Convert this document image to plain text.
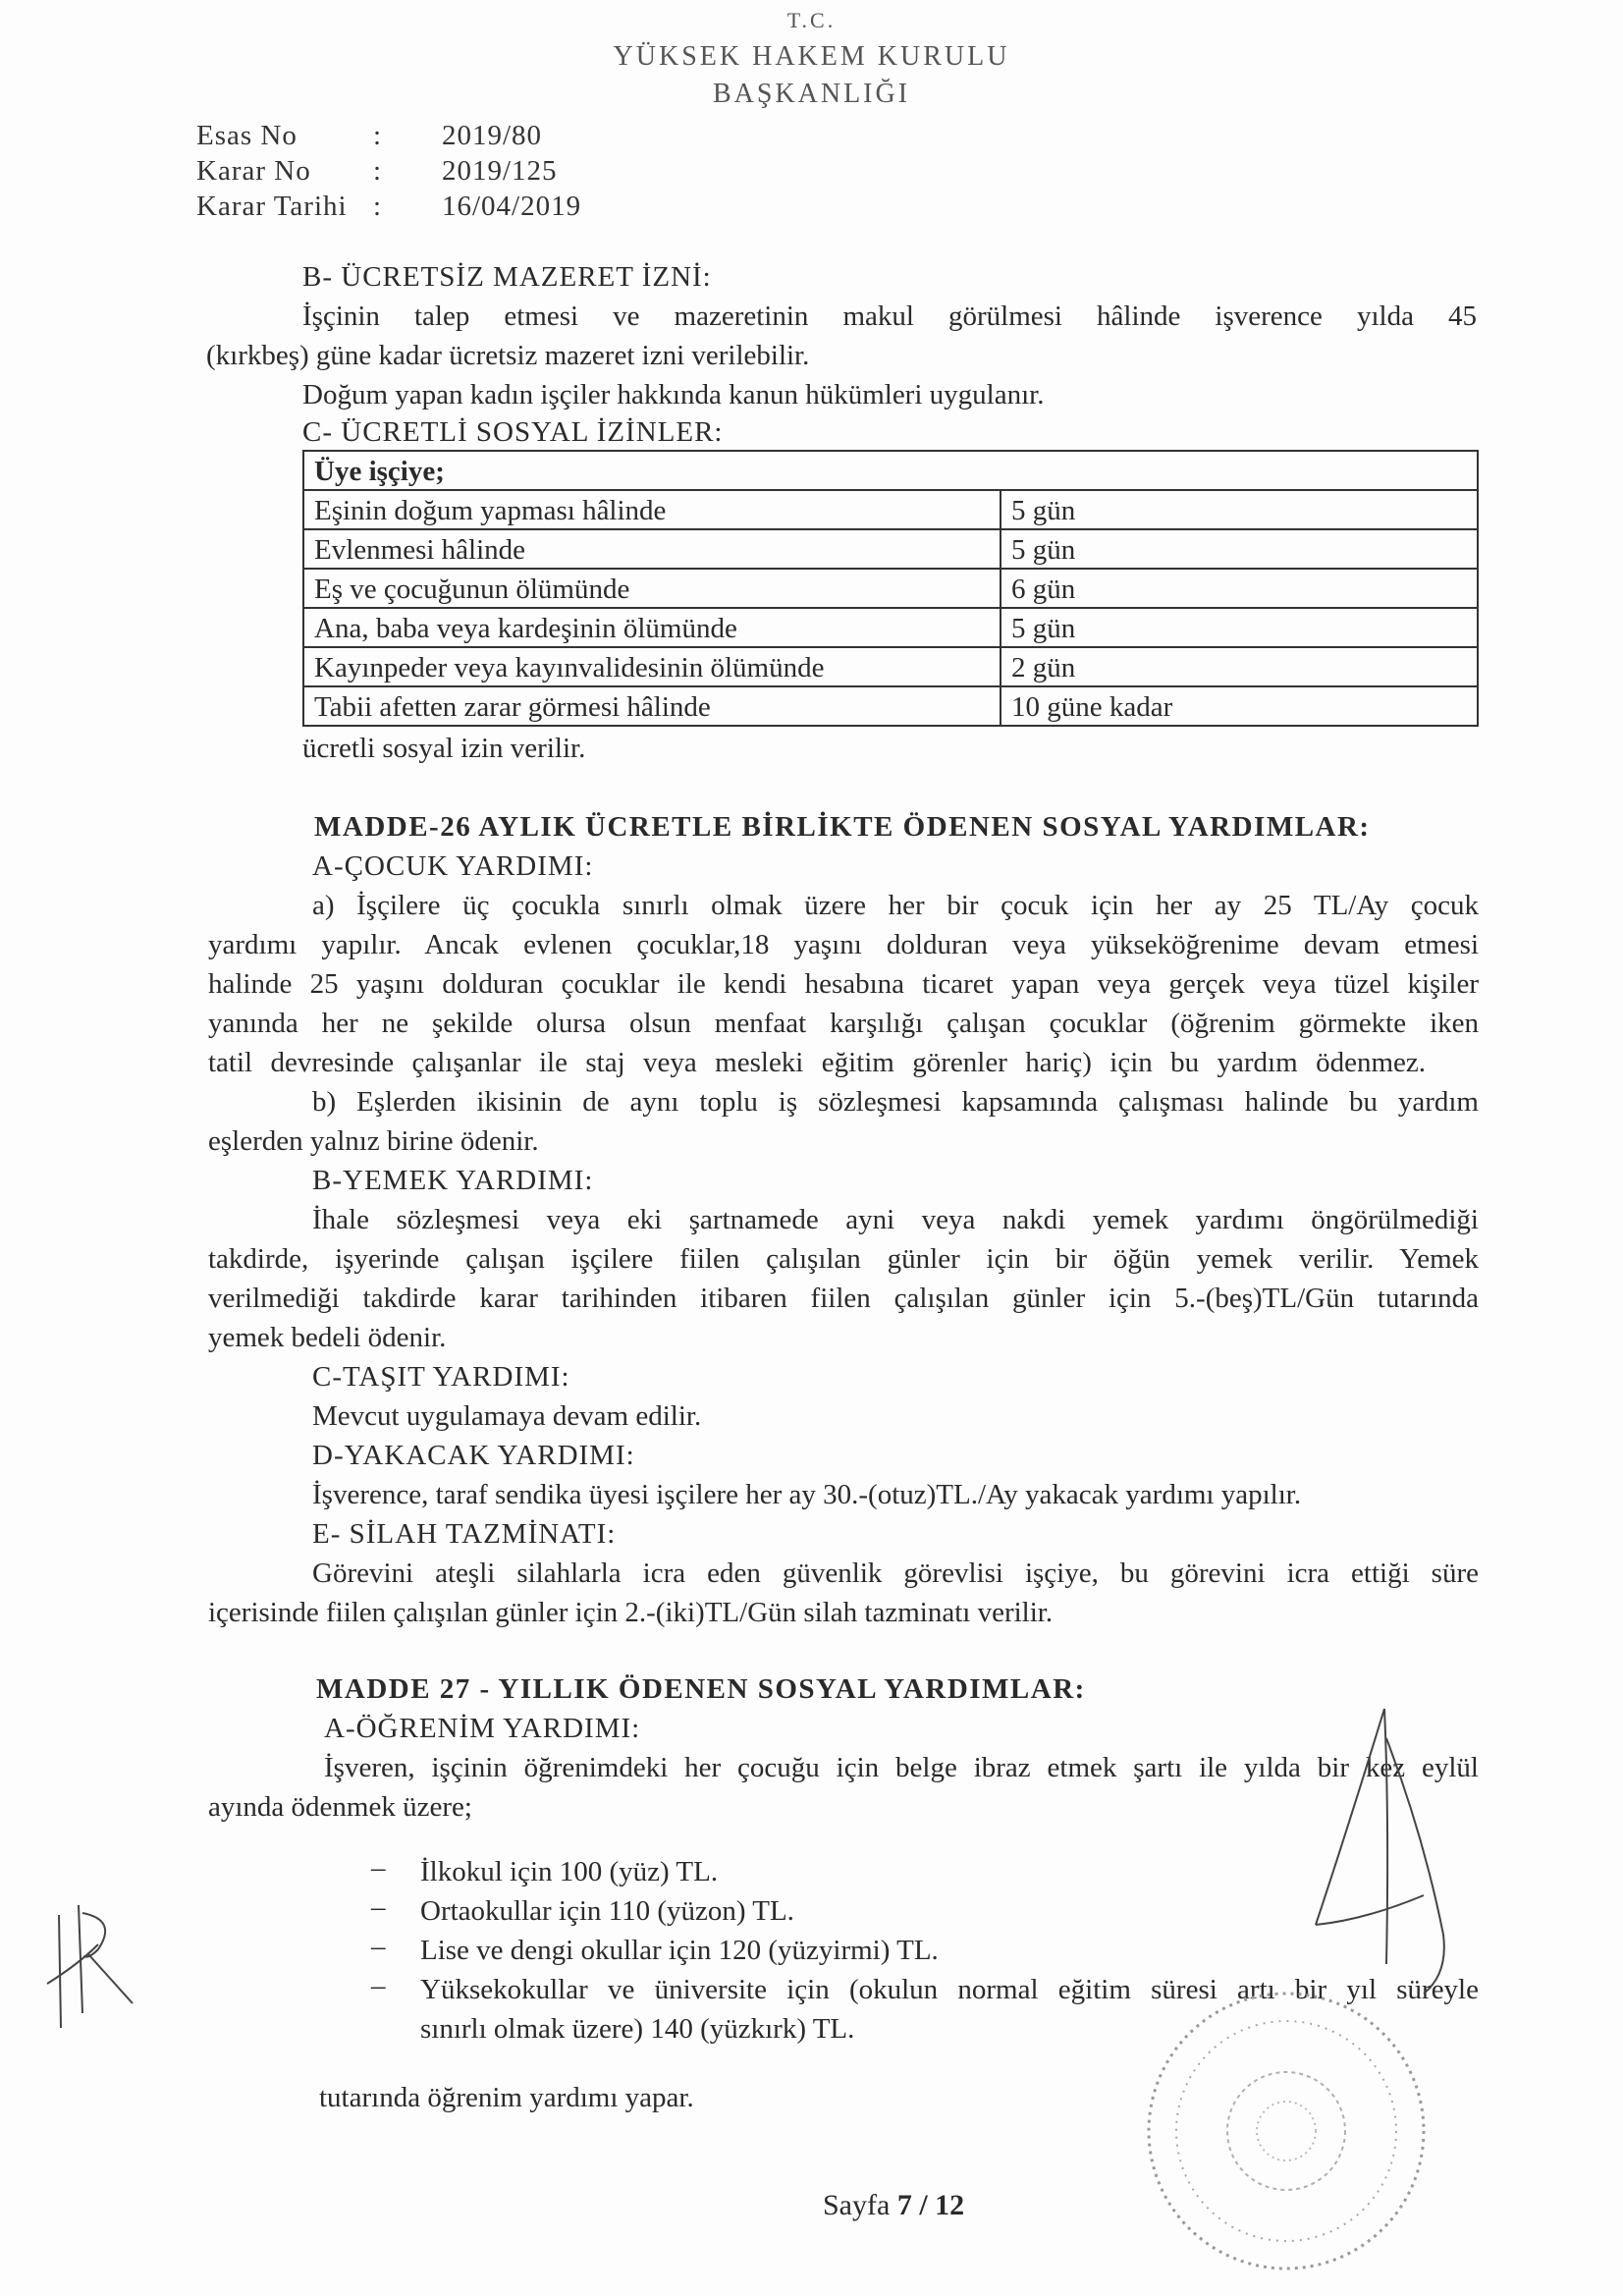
T.C.
YÜKSEK HAKEM KURULU
BAŞKANLIĞI
Esas No	: 2019/80
Karar No : 2019/125
Karar Tarihi : 16/04/2019
B- ÜCRETSİZ MAZERET İZNİ:
İşçinin talep etmesi ve mazeretinin makul görülmesi hâlinde işverence yılda 45
(kırkbeş) güne kadar ücretsiz mazeret izni verilebilir.
Doğum yapan kadın işçiler hakkında kanun hükümleri uygulanır.
C- ÜCRETLİ SOSYAL İZİNLER:
Üye işçiye;	
Eşinin doğum yapması hâlinde	5 gün
Evlenmesi hâlinde	5 gün
Eş ve çocuğunun ölümünde	6 gün
Ana, baba veya kardeşinin ölümünde	5 gün
Kayınpeder veya kayınvalidesinin ölümünde	2 gün
Tabii afetten zarar görmesi hâlinde	10 güne kadar
ücretli sosyal izin verilir.
MADDE-26 AYLIK ÜCRETLE BİRLİKTE ÖDENEN SOSYAL YARDIMLAR:
A-ÇOCUK YARDIMI:
a) İşçilere üç çocukla sınırlı olmak üzere her bir çocuk için her ay 25 TL/Ay çocuk
yardımı yapılır. Ancak evlenen çocuklar,18 yaşını dolduran veya yükseköğrenime devam etmesi
halinde 25 yaşını dolduran çocuklar ile kendi hesabına ticaret yapan veya gerçek veya tüzel kişiler
yanında her ne şekilde olursa olsun menfaat karşılığı çalışan çocuklar (öğrenim görmekte iken
tatil devresinde çalışanlar ile staj veya mesleki eğitim görenler hariç) için bu yardım ödenmez.
b) Eşlerden ikisinin de aynı toplu iş sözleşmesi kapsamında çalışması halinde bu yardım
eşlerden yalnız birine ödenir.
B-YEMEK YARDIMI:
İhale sözleşmesi veya eki şartnamede ayni veya nakdi yemek yardımı öngörülmediği
takdirde, işyerinde çalışan işçilere fiilen çalışılan günler için bir öğün yemek verilir. Yemek
verilmediği takdirde karar tarihinden itibaren fiilen çalışılan günler için 5.-(beş)TL/Gün tutarında
yemek bedeli ödenir.
C-TAŞIT YARDIMI:
Mevcut uygulamaya devam edilir.
D-YAKACAK YARDIMI:
İşverence, taraf sendika üyesi işçilere her ay 30.-(otuz)TL./Ay yakacak yardımı yapılır.
E- SİLAH TAZMİNATI:
Görevini ateşli silahlarla icra eden güvenlik görevlisi işçiye, bu görevini icra ettiği süre
içerisinde fiilen çalışılan günler için 2.-(iki)TL/Gün silah tazminatı verilir.
MADDE 27 - YILLIK ÖDENEN SOSYAL YARDIMLAR:
A-ÖĞRENİM YARDIMI:
İşveren, işçinin öğrenimdeki her çocuğu için belge ibraz etmek şartı ile yılda bir kez eylül
ayında ödenmek üzere;
– İlkokul için 100 (yüz) TL.
– Ortaokullar için 110 (yüzon) TL.
– Lise ve dengi okullar için 120 (yüzyirmi) TL.
– Yüksekokullar ve üniversite için (okulun normal eğitim süresi artı bir yıl süreyle
sınırlı olmak üzere) 140 (yüzkırk) TL.
tutarında öğrenim yardımı yapar.
Sayfa 7 / 12
